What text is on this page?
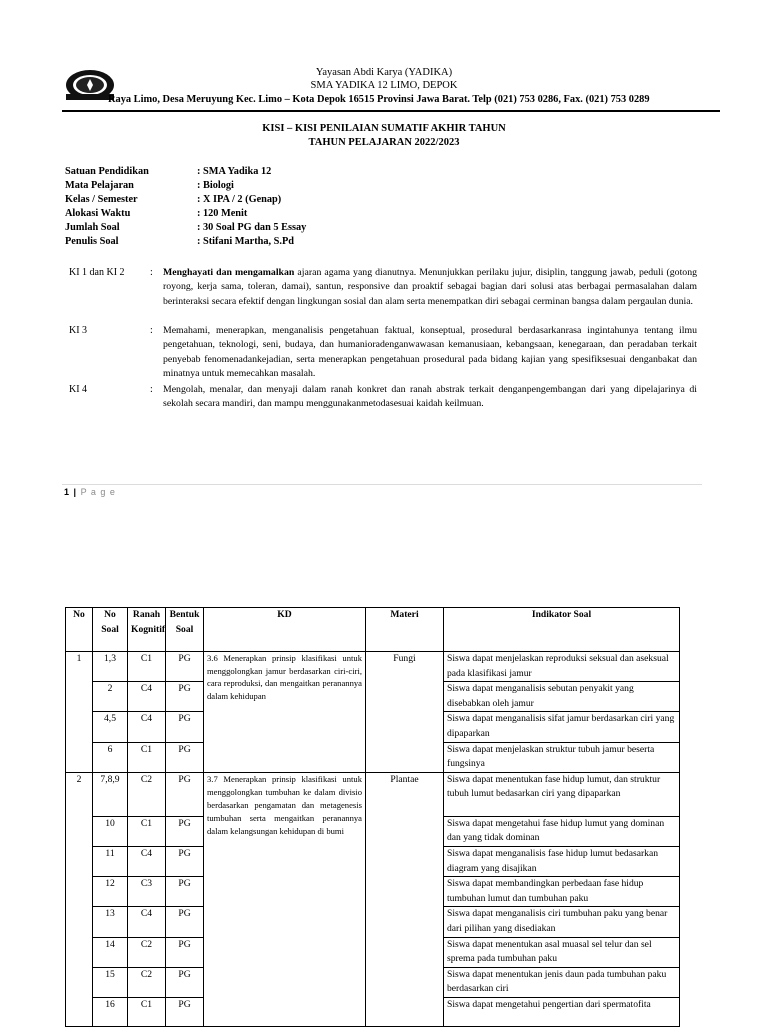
Yayasan Abdi Karya (YADIKA)
SMA YADIKA 12 LIMO, DEPOK
Raya Limo, Desa Meruyung Kec. Limo – Kota Depok 16515 Provinsi Jawa Barat. Telp (021) 753 0286, Fax. (021) 753 0289
KISI – KISI PENILAIAN SUMATIF AKHIR TAHUN
TAHUN PELAJARAN 2022/2023
Satuan Pendidikan	: SMA Yadika 12
Mata Pelajaran	: Biologi
Kelas / Semester	: X IPA / 2 (Genap)
Alokasi Waktu	: 120 Menit
Jumlah Soal	: 30 Soal PG dan 5 Essay
Penulis Soal	: Stifani Martha, S.Pd
KI 1 dan KI 2	: Menghayati dan mengamalkan ajaran agama yang dianutnya. Menunjukkan perilaku jujur, disiplin, tanggung jawab, peduli (gotong royong, kerja sama, toleran, damai), santun, responsive dan proaktif sebagai bagian dari solusi atas berbagai permasalahan dalam berinteraksi secara efektif dengan lingkungan sosial dan alam serta menempatkan diri sebagai cerminan bangsa dalam pergaulan dunia.
KI 3	: Memahami, menerapkan, menganalisis pengetahuan faktual, konseptual, prosedural berdasarkanrasa ingintahunya tentang ilmu pengetahuan, teknologi, seni, budaya, dan humanioradenganwawasan kemanusiaan, kebangsaan, kenegaraan, dan peradaban terkait penyebab fenomenadankejadian, serta menerapkan pengetahuan prosedural pada bidang kajian yang spesifiksesuai denganbakat dan minatnya untuk memecahkan masalah.
KI 4	: Mengolah, menalar, dan menyaji dalam ranah konkret dan ranah abstrak terkait denganpengembangan dari yang dipelajarinya di sekolah secara mandiri, dan mampu menggunakanmetodasesuai kaidah keilmuan.
1 | P a g e
No	No Soal	Ranah Kognitif	Bentuk Soal	KD	Materi	Indikator Soal
1	1,3	C1	PG	3.6 Menerapkan prinsip klasifikasi untuk menggolongkan jamur berdasarkan ciri-ciri, cara reproduksi, dan mengaitkan peranannya dalam kehidupan	Fungi	Siswa dapat menjelaskan reproduksi seksual dan aseksual pada klasifikasi jamur
	2	C4	PG			Siswa dapat menganalisis sebutan penyakit yang disebabkan oleh jamur
	4,5	C4	PG			Siswa dapat menganalisis sifat jamur berdasarkan ciri yang dipaparkan
	6	C1	PG			Siswa dapat menjelaskan struktur tubuh jamur beserta fungsinya
2	7,8,9	C2	PG	3.7 Menerapkan prinsip klasifikasi untuk menggolongkan tumbuhan ke dalam divisio berdasarkan pengamatan dan metagenesis tumbuhan serta mengaitkan peranannya dalam kelangsungan kehidupan di bumi	Plantae	Siswa dapat menentukan fase hidup lumut, dan struktur tubuh lumut bedasarkan ciri yang dipaparkan
	10	C1	PG			Siswa dapat mengetahui fase hidup lumut yang dominan dan yang tidak dominan
	11	C4	PG			Siswa dapat menganalisis fase hidup lumut bedasarkan diagram yang disajikan
	12	C3	PG			Siswa dapat membandingkan perbedaan fase hidup tumbuhan lumut dan tumbuhan paku
	13	C4	PG			Siswa dapat menganalisis ciri tumbuhan paku yang benar dari pilihan yang disediakan
	14	C2	PG			Siswa dapat menentukan asal muasal sel telur dan sel sprema pada tumbuhan paku
	15	C2	PG			Siswa dapat menentukan jenis daun pada tumbuhan paku berdasarkan ciri
	16	C1	PG			Siswa dapat mengetahui pengertian dari spermatofita
